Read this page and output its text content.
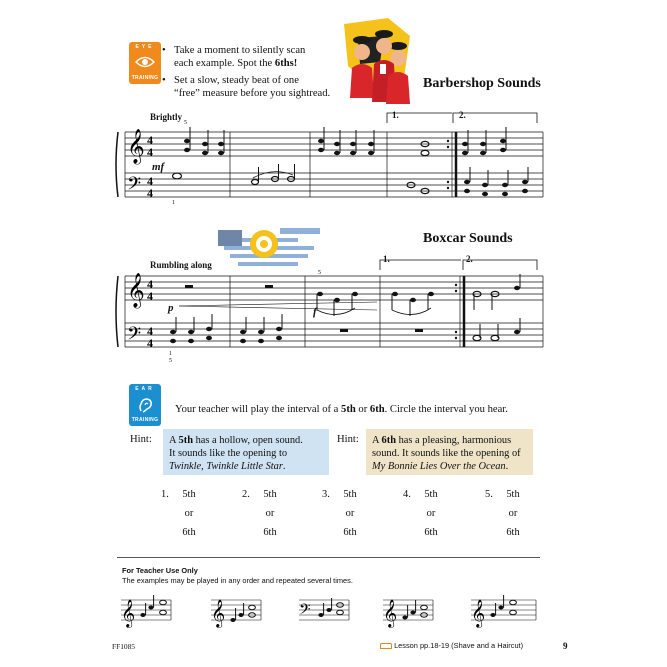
EYE
TRAINING
• Take a moment to silently scan
each example. Spot the 6ths!
• Set a slow, steady beat of one
“free” measure before you sightread.
Barbershop Sounds
Brightly	1.	2.
5
mf
1
𝄞
𝄢
4
4
4
4
Boxcar Sounds
Rumbling along
1.	2.
5
p	f
1
5
𝄞
𝄢
4
4
4
4
EAR
TRAINING
Your teacher will play the interval of a 5th or 6th. Circle the interval you hear.
Hint: A 5th has a hollow, open sound.
It sounds like the opening to
Twinkle, Twinkle Little Star.
Hint: A 6th has a pleasing, harmonious
sound. It sounds like the opening of
My Bonnie Lies Over the Ocean.
1.	5th
or
6th
2.	5th
or
6th
3.	5th
or
6th
4.	5th
or
6th
5.	5th
or
6th
For Teacher Use Only
The examples may be played in any order and repeated several times.
𝄞	𝄞	𝄢	𝄞	𝄞
FF1085	Lesson pp.18-19 (Shave and a Haircut)	9
